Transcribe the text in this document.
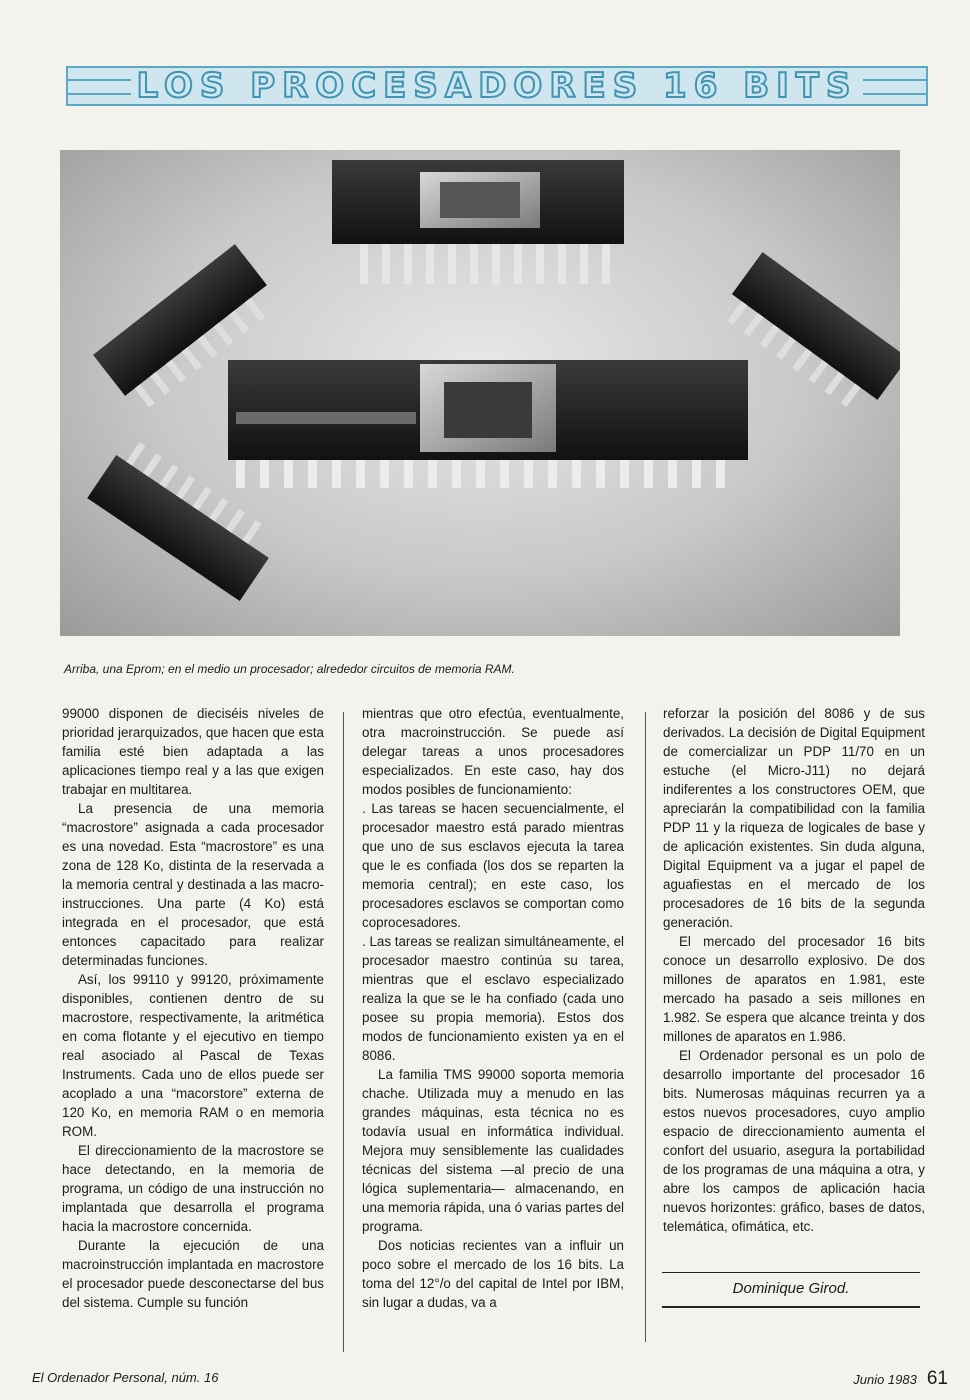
LOS PROCESADORES 16 BITS
Arriba, una Eprom; en el medio un procesador; alrededor circuitos de memoria RAM.

99000 disponen de dieciséis niveles de prioridad jerarquizados, que hacen que esta familia esté bien adaptada a las aplicaciones tiempo real y a las que exigen trabajar en multitarea.

La presencia de una memoria “macrostore” asignada a cada procesador es una novedad. Esta “macrostore” es una zona de 128 Ko, distinta de la reservada a la memoria central y destinada a las macro-instrucciones. Una parte (4 Ko) está integrada en el procesador, que está entonces capacitado para realizar determinadas funciones.

Así, los 99110 y 99120, próximamente disponibles, contienen dentro de su macrostore, respectivamente, la aritmética en coma flotante y el ejecutivo en tiempo real asociado al Pascal de Texas Instruments. Cada uno de ellos puede ser acoplado a una “macorstore” externa de 120 Ko, en memoria RAM o en memoria ROM.

El direccionamiento de la macrostore se hace detectando, en la memoria de programa, un código de una instrucción no implantada que desarrolla el programa hacia la macrostore concernida.

Durante la ejecución de una macroinstrucción implantada en macrostore el procesador puede desconectarse del bus del sistema. Cumple su función

mientras que otro efectúa, eventualmente, otra macroinstrucción. Se puede así delegar tareas a unos procesadores especializados. En este caso, hay dos modos posibles de funcionamiento:

. Las tareas se hacen secuencialmente, el procesador maestro está parado mientras que uno de sus esclavos ejecuta la tarea que le es confiada (los dos se reparten la memoria central); en este caso, los procesadores esclavos se comportan como coprocesadores.

. Las tareas se realizan simultáneamente, el procesador maestro continúa su tarea, mientras que el esclavo especializado realiza la que se le ha confiado (cada uno posee su propia memoria). Estos dos modos de funcionamiento existen ya en el 8086.

La familia TMS 99000 soporta memoria chache. Utilizada muy a menudo en las grandes máquinas, esta técnica no es todavía usual en informática individual. Mejora muy sensiblemente las cualidades técnicas del sistema —al precio de una lógica suplementaria— almacenando, en una memoria rápida, una ó varias partes del programa.

Dos noticias recientes van a influir un poco sobre el mercado de los 16 bits. La toma del 12°/o del capital de Intel por IBM, sin lugar a dudas, va a

reforzar la posición del 8086 y de sus derivados. La decisión de Digital Equipment de comercializar un PDP 11/70 en un estuche (el Micro-J11) no dejará indiferentes a los constructores OEM, que apreciarán la compatibilidad con la familia PDP 11 y la riqueza de logicales de base y de aplicación existentes. Sin duda alguna, Digital Equipment va a jugar el papel de aguafiestas en el mercado de los procesadores de 16 bits de la segunda generación.

El mercado del procesador 16 bits conoce un desarrollo explosivo. De dos millones de aparatos en 1.981, este mercado ha pasado a seis millones en 1.982. Se espera que alcance treinta y dos millones de aparatos en 1.986.

El Ordenador personal es un polo de desarrollo importante del procesador 16 bits. Numerosas máquinas recurren ya a estos nuevos procesadores, cuyo amplio espacio de direccionamiento aumenta el confort del usuario, asegura la portabilidad de los programas de una máquina a otra, y abre los campos de aplicación hacia nuevos horizontes: gráfico, bases de datos, telemática, ofimática, etc.

Dominique Girod.
El Ordenador Personal, núm. 16	Junio 1983 61
